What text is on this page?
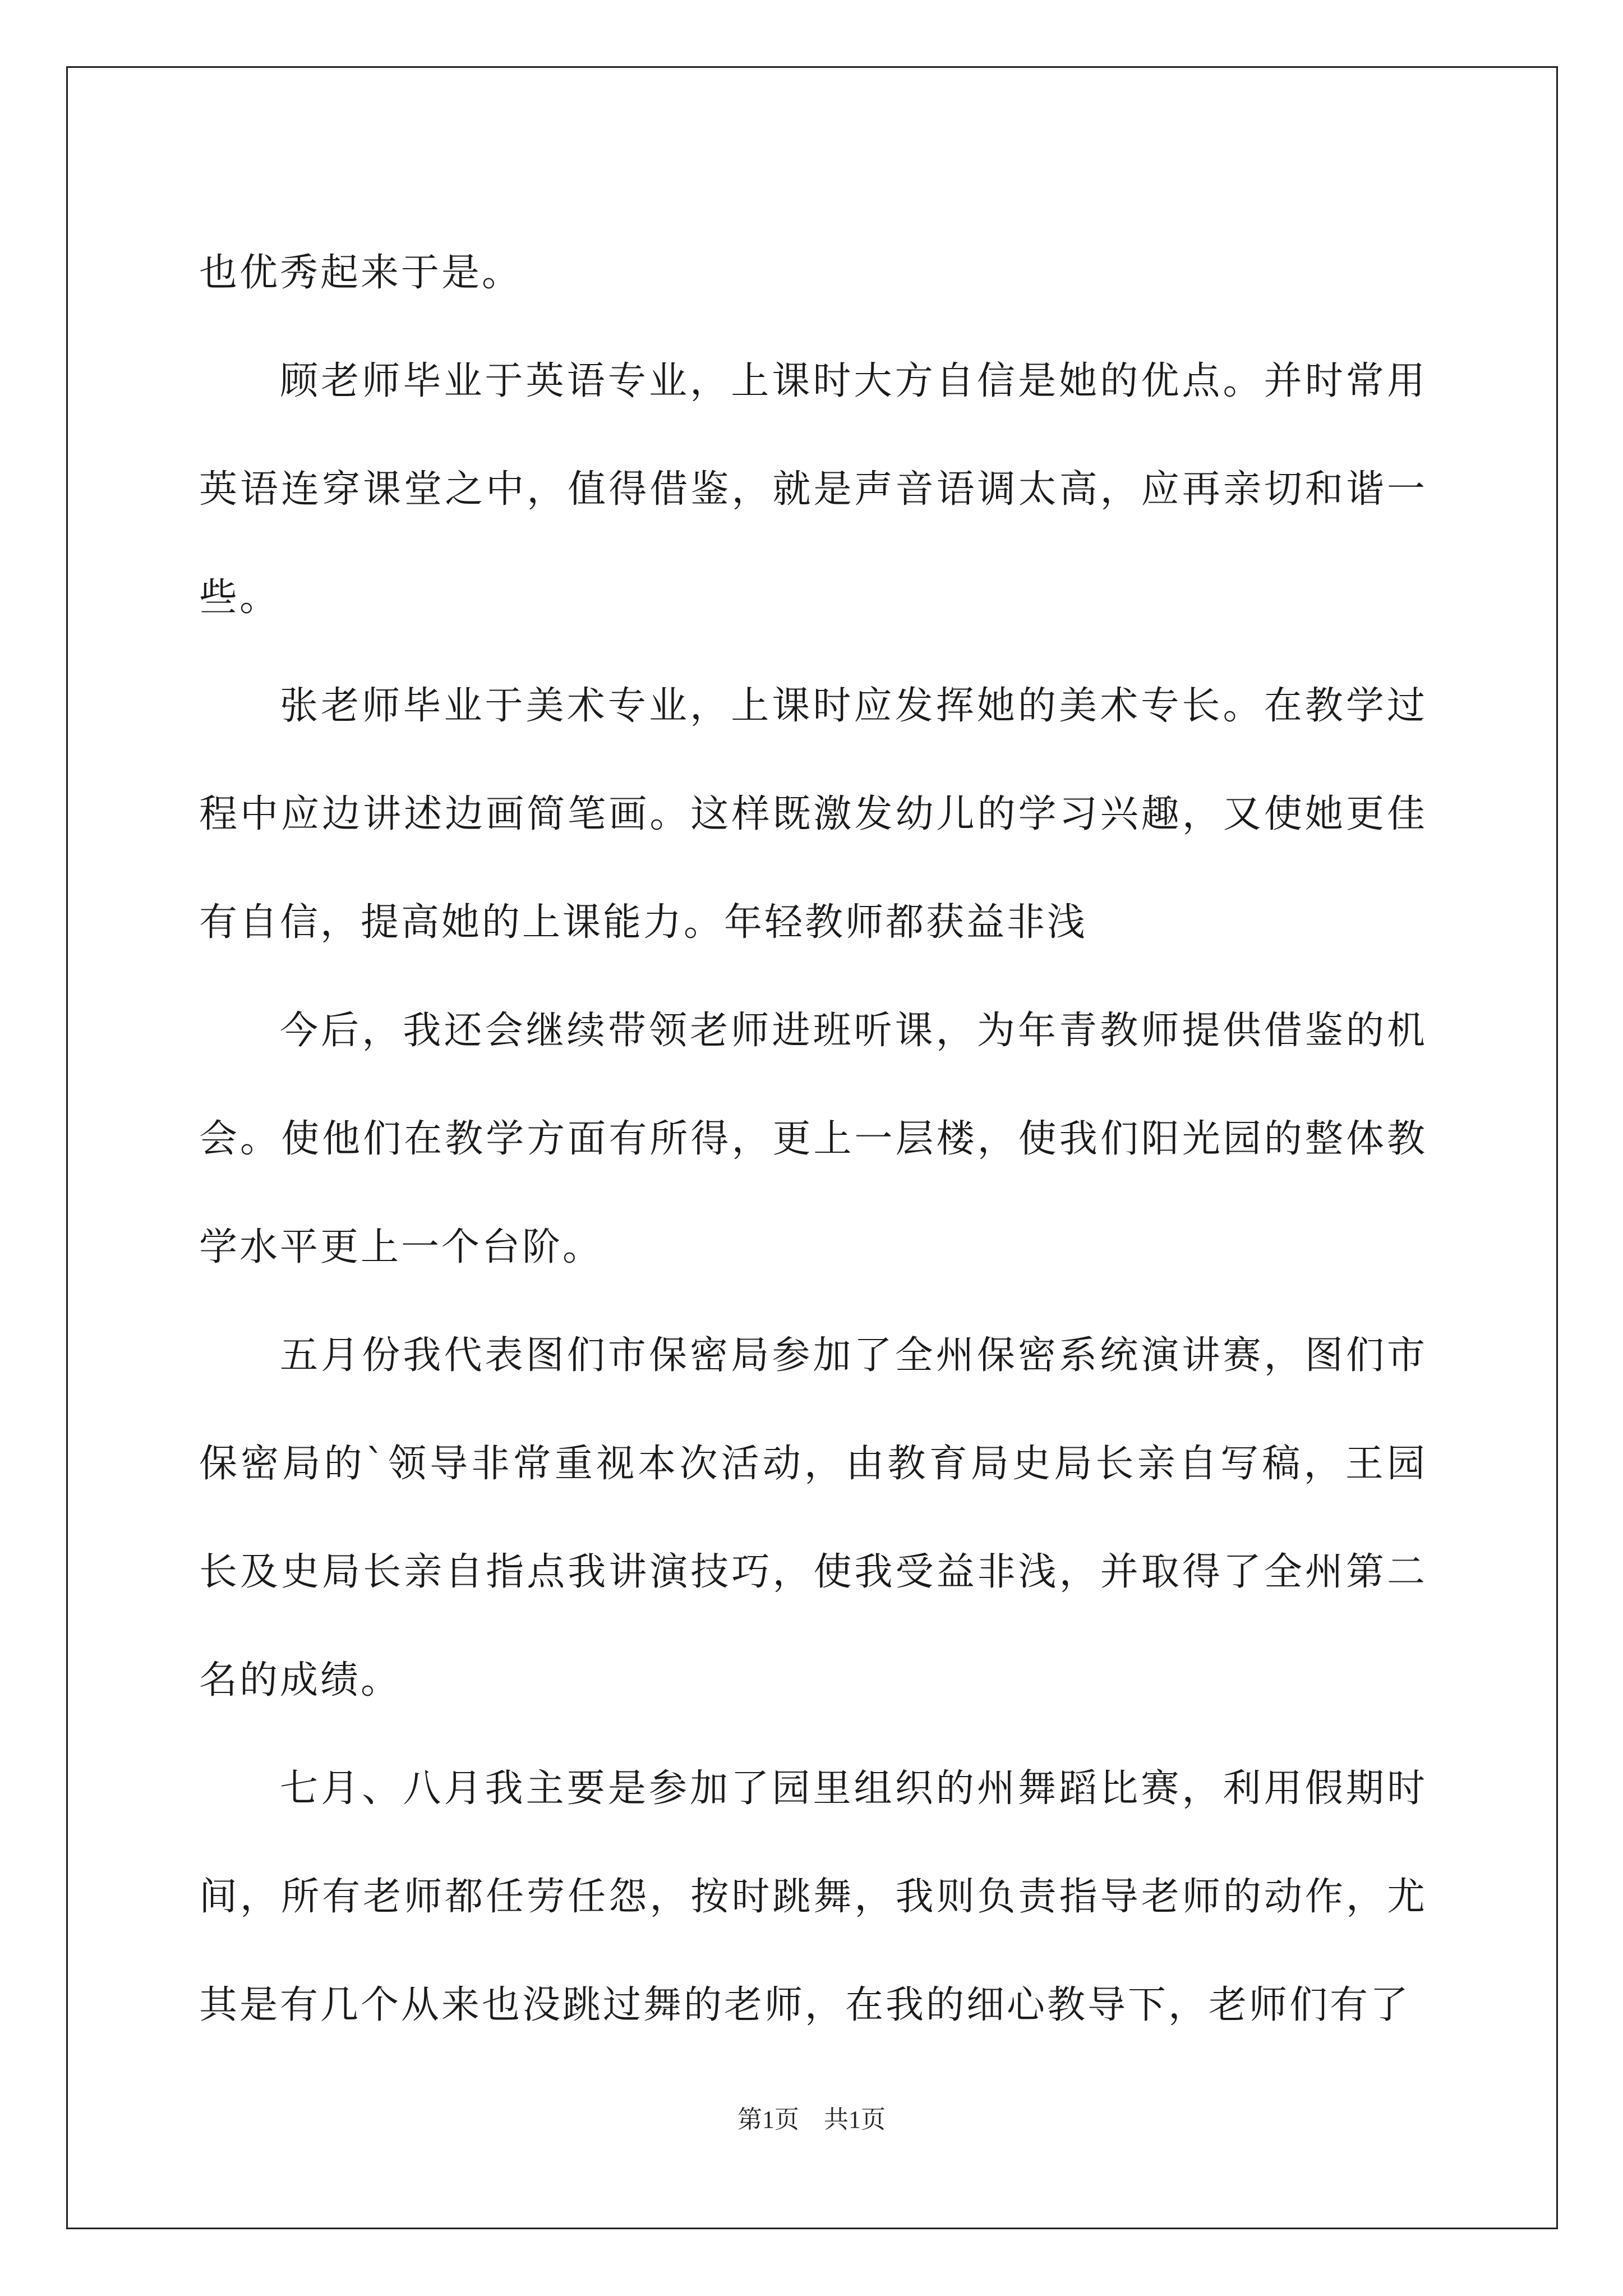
也优秀起来于是。

顾老师毕业于英语专业，上课时大方自信是她的优点。并时常用英语连穿课堂之中，值得借鉴，就是声音语调太高，应再亲切和谐一些。

张老师毕业于美术专业，上课时应发挥她的美术专长。在教学过程中应边讲述边画简笔画。这样既激发幼儿的学习兴趣，又使她更佳有自信，提高她的上课能力。年轻教师都获益非浅

今后，我还会继续带领老师进班听课，为年青教师提供借鉴的机会。使他们在教学方面有所得，更上一层楼，使我们阳光园的整体教学水平更上一个台阶。

五月份我代表图们市保密局参加了全州保密系统演讲赛，图们市保密局的`领导非常重视本次活动，由教育局史局长亲自写稿，王园长及史局长亲自指点我讲演技巧，使我受益非浅，并取得了全州第二名的成绩。

七月、八月我主要是参加了园里组织的州舞蹈比赛，利用假期时间，所有老师都任劳任怨，按时跳舞，我则负责指导老师的动作，尤其是有几个从来也没跳过舞的老师，在我的细心教导下，老师们有了

第1页 共1页
